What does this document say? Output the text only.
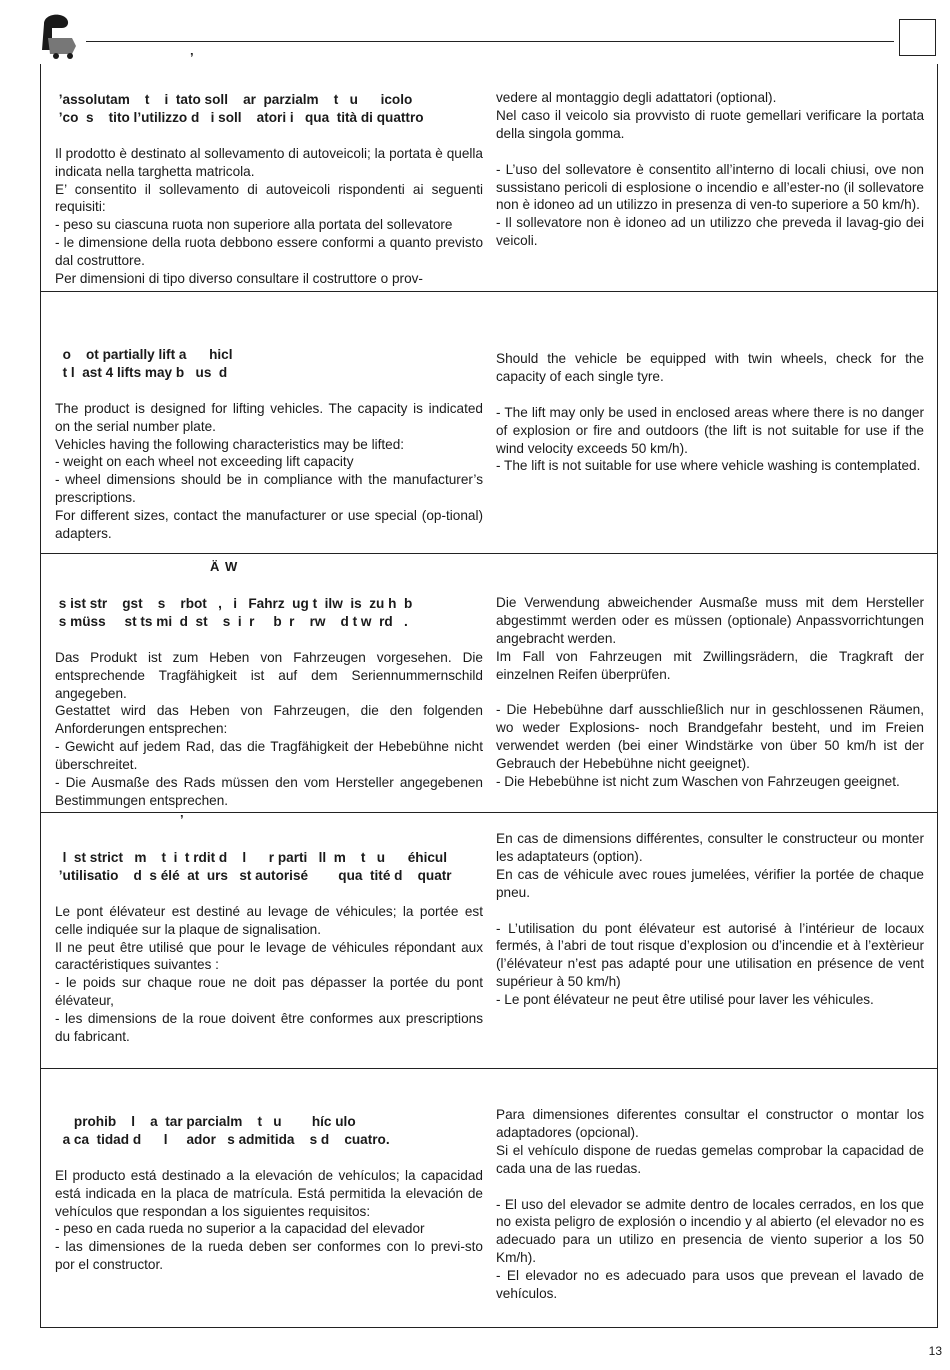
’

’assolutam    t    i  tato soll    ar  parzialm    t   u      icolo
’co  s    tito l’utilizzo d   i soll    atori i   qua  tità di quattro

Il prodotto è destinato al sollevamento di autoveicoli; la portata è quella indicata nella targhetta matricola.

E’ consentito il sollevamento di autoveicoli rispondenti ai seguenti requisiti:

- peso su ciascuna ruota non superiore alla portata del sollevatore

- le dimensione della ruota debbono essere conformi a quanto previsto dal costruttore.

Per dimensioni di tipo diverso consultare il costruttore o prov-

vedere al montaggio degli adattatori (optional).

Nel caso il veicolo sia provvisto di ruote gemellari verificare la portata della singola gomma.

- L’uso del sollevatore è consentito all’interno di locali chiusi, ove non sussistano pericoli di esplosione o incendio e all’ester-no (il sollevatore non è idoneo ad un utilizzo in presenza di ven-to superiore a 50 km/h).

- Il sollevatore non è idoneo ad un utilizzo che preveda il lavag-gio dei veicoli.

o    ot partially lift a      hicl
t l  ast 4 lifts may b   us  d

The product is designed for lifting vehicles. The capacity is indicated on the serial number plate.

Vehicles having the following characteristics may be lifted:

- weight on each wheel not exceeding lift capacity

- wheel dimensions should be in compliance with the manufacturer’s prescriptions.

For different sizes, contact the manufacturer or use special (op-tional) adapters.

Should the vehicle be equipped with twin wheels, check for the capacity of each single tyre.

- The lift may only be used in enclosed areas where there is no danger of explosion or fire and outdoors (the lift is not suitable for use if the wind velocity exceeds 50 km/h).

- The lift is not suitable for use where vehicle washing is contemplated.

Ä W

s ist str    gst    s    rbot   ,   i   Fahrz  ug t  ilw  is  zu h  b
s müss     st ts mi  d  st    s  i  r     b  r    rw    d t w  rd   .

Das Produkt ist zum Heben von Fahrzeugen vorgesehen. Die entsprechende Tragfähigkeit ist auf dem Seriennummernschild angegeben.

Gestattet wird das Heben von Fahrzeugen, die den folgenden Anforderungen entsprechen:

- Gewicht auf jedem Rad, das die Tragfähigkeit der Hebebühne nicht überschreitet.

- Die Ausmaße des Rads müssen den vom Hersteller angegebenen Bestimmungen entsprechen.

Die Verwendung abweichender Ausmaße muss mit dem Hersteller abgestimmt werden oder es müssen (optionale) Anpassvorrichtungen angebracht werden.

Im Fall von Fahrzeugen mit Zwillingsrädern, die Tragkraft der einzelnen Reifen überprüfen.

- Die Hebebühne darf ausschließlich nur in geschlossenen Räumen, wo weder Explosions- noch Brandgefahr besteht, und im Freien verwendet werden (bei einer Windstärke von über 50 km/h ist der Gebrauch der Hebebühne nicht geeignet).

- Die Hebebühne ist nicht zum Waschen von Fahrzeugen geeignet.

’

l  st strict   m    t  i  t rdit d    l      r parti   ll  m    t   u      éhicul
’utilisatio    d  s élé  at  urs   st autorisé        qua  tité d    quatr

Le pont élévateur est destiné au levage de véhicules; la portée est celle indiquée sur la plaque de signalisation.

Il ne peut être utilisé que pour le levage de véhicules répondant aux caractéristiques suivantes :

- le poids sur chaque roue ne doit pas dépasser la portée du pont élévateur,

- les dimensions de la roue doivent être conformes aux prescriptions du fabricant.

En cas de dimensions différentes, consulter le constructeur ou monter les adaptateurs (option).

En cas de véhicule avec roues jumelées, vérifier la portée de chaque pneu.

- L’utilisation du pont élévateur est autorisé à l’intérieur de locaux fermés, à l’abri de tout risque d’explosion ou d’incendie et à l’extèrieur (l’élévateur n’est pas adapté pour une utilisation en présence de vent supérieur à 50 km/h)

- Le pont élévateur ne peut être utilisé pour laver les véhicules.

prohib    l    a  tar parcialm    t   u        híc ulo
a ca  tidad d      l     ador   s admitida    s d    cuatro.

El producto está destinado a la elevación de vehículos; la capacidad está indicada en la placa de matrícula. Está permitida la elevación de vehículos que respondan a los siguientes requisitos:

- peso en cada rueda no superior a la capacidad del elevador

- las dimensiones de la rueda deben ser conformes con lo previ-sto por el constructor.

Para dimensiones diferentes consultar el constructor o montar los adaptadores (opcional).

Si el vehículo dispone de ruedas gemelas comprobar la capacidad de cada una de las ruedas.

- El uso del elevador se admite dentro de locales cerrados, en los que no exista peligro de explosión o incendio y al abierto (el elevador no es adecuado para un utilizo en presencia de viento superior a los 50 Km/h).

- El elevador no es adecuado para usos que prevean el lavado de vehículos.

13
